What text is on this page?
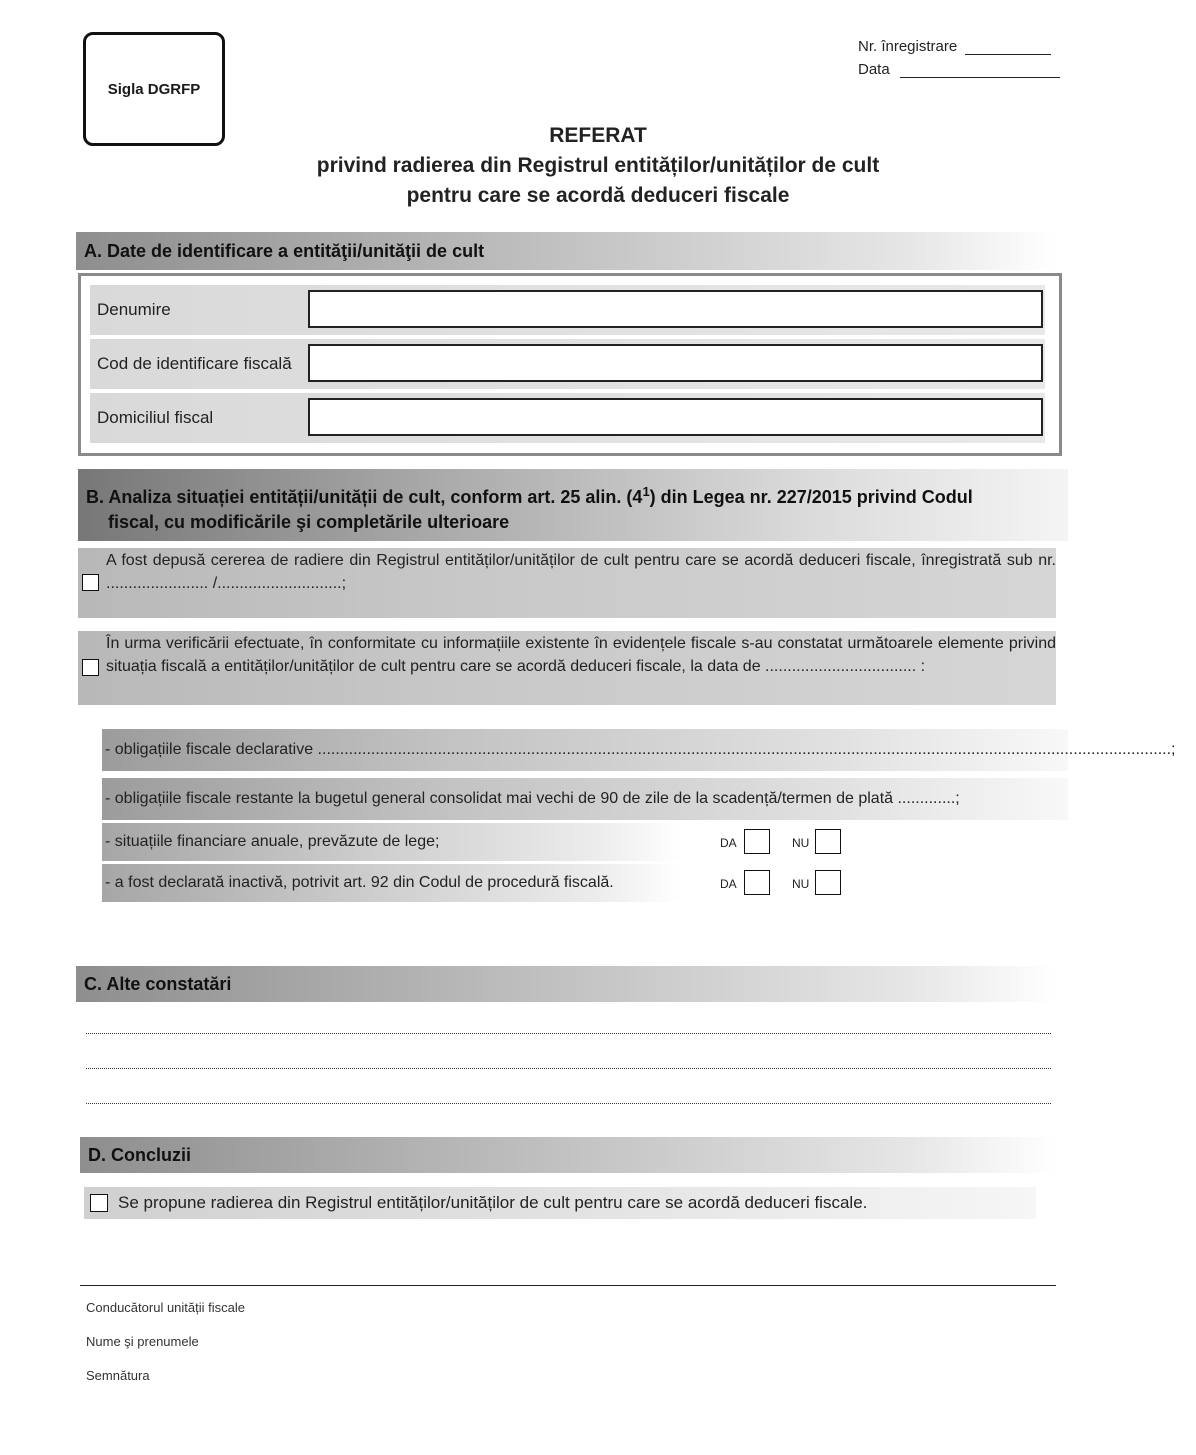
Sigla DGRFP
Nr. înregistrare
Data
REFERAT
privind radierea din Registrul entităților/unităților de cult
pentru care se acordă deduceri fiscale
A. Date de identificare a entităţii/unităţii de cult
Denumire
Cod de identificare fiscală
Domiciliul fiscal
B. Analiza situației entității/unității de cult, conform art. 25 alin. $(4^1)$ din Legea nr. 227/2015 privind Codul
fiscal, cu modificările şi completările ulterioare
A fost depusă cererea de radiere din Registrul entităților/unităților de cult pentru care se acordă deduceri fiscale, înregistrată sub nr. ....................... /............................;
În urma verificării efectuate, în conformitate cu informațiile existente în evidențele fiscale s-au constatat următoarele elemente privind situația fiscală a entităților/unităților de cult pentru care se acordă deduceri fiscale, la data de .................................. :
- obligațiile fiscale declarative ................................................................................................................................................................................................;
- obligațiile fiscale restante la bugetul general consolidat mai vechi de 90 de zile de la scadență/termen de plată .............;
- situațiile financiare anuale, prevăzute de lege;	DA	NU
- a fost declarată inactivă, potrivit art. 92 din Codul de procedură fiscală.	DA	NU
C. Alte constatări
D. Concluzii
Se propune radierea din Registrul entităților/unităților de cult pentru care se acordă deduceri fiscale.
Conducătorul unității fiscale
Nume şi prenumele
Semnătura
